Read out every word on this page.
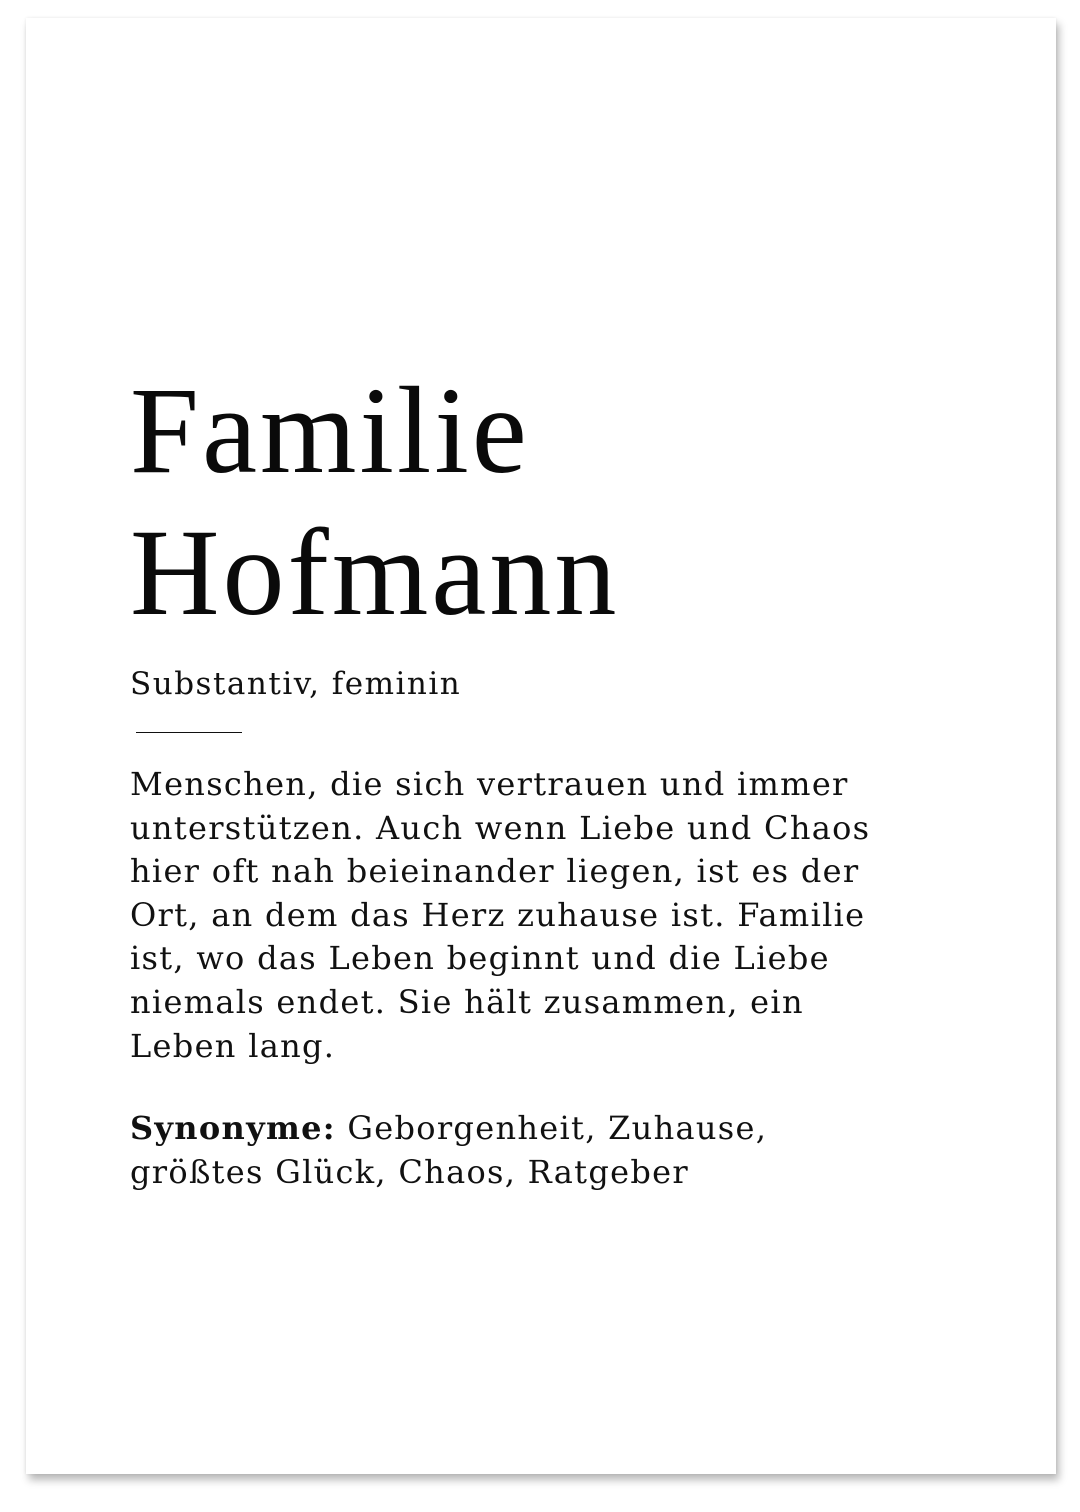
Familie
Hofmann
Substantiv, feminin
Menschen, die sich vertrauen und immer
unterstützen. Auch wenn Liebe und Chaos
hier oft nah beieinander liegen, ist es der
Ort, an dem das Herz zuhause ist. Familie
ist, wo das Leben beginnt und die Liebe
niemals endet. Sie hält zusammen, ein
Leben lang.
Synonyme: Geborgenheit, Zuhause,
größtes Glück, Chaos, Ratgeber
